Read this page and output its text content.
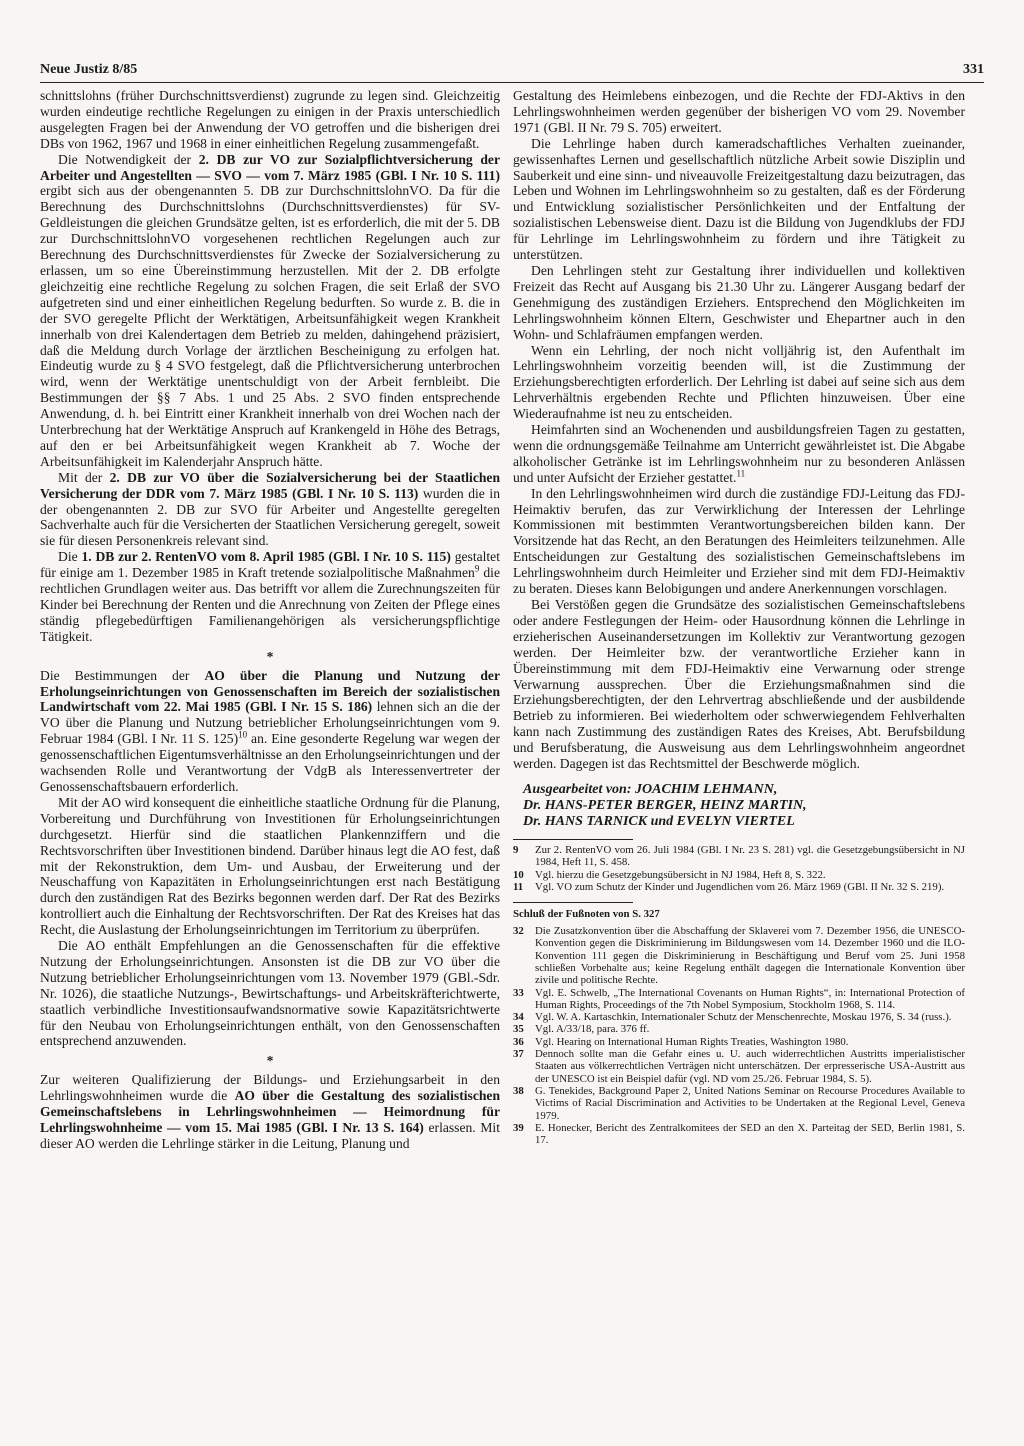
Neue Justiz 8/85	331

schnittslohns (früher Durchschnittsverdienst) zugrunde zu legen sind. Gleichzeitig wurden eindeutige rechtliche Regelungen zu einigen in der Praxis unterschiedlich ausgelegten Fragen bei der Anwendung der VO getroffen und die bisherigen drei DBs von 1962, 1967 und 1968 in einer einheitlichen Regelung zusammengefaßt.

Die Notwendigkeit der 2. DB zur VO zur Sozialpflichtversicherung der Arbeiter und Angestellten — SVO — vom 7. März 1985 (GBl. I Nr. 10 S. 111) ergibt sich aus der obengenannten 5. DB zur DurchschnittslohnVO. Da für die Berechnung des Durchschnittslohns (Durchschnittsverdienstes) für SV-Geldleistungen die gleichen Grundsätze gelten, ist es erforderlich, die mit der 5. DB zur DurchschnittslohnVO vorgesehenen rechtlichen Regelungen auch zur Berechnung des Durchschnittsverdienstes für Zwecke der Sozialversicherung zu erlassen, um so eine Übereinstimmung herzustellen. Mit der 2. DB erfolgte gleichzeitig eine rechtliche Regelung zu solchen Fragen, die seit Erlaß der SVO aufgetreten sind und einer einheitlichen Regelung bedurften. So wurde z. B. die in der SVO geregelte Pflicht der Werktätigen, Arbeitsunfähigkeit wegen Krankheit innerhalb von drei Kalendertagen dem Betrieb zu melden, dahingehend präzisiert, daß die Meldung durch Vorlage der ärztlichen Bescheinigung zu erfolgen hat. Eindeutig wurde zu § 4 SVO festgelegt, daß die Pflichtversicherung unterbrochen wird, wenn der Werktätige unentschuldigt von der Arbeit fernbleibt. Die Bestimmungen der §§ 7 Abs. 1 und 25 Abs. 2 SVO finden entsprechende Anwendung, d. h. bei Eintritt einer Krankheit innerhalb von drei Wochen nach der Unterbrechung hat der Werktätige Anspruch auf Krankengeld in Höhe des Betrags, auf den er bei Arbeitsunfähigkeit wegen Krankheit ab 7. Woche der Arbeitsunfähigkeit im Kalenderjahr Anspruch hätte.

Mit der 2. DB zur VO über die Sozialversicherung bei der Staatlichen Versicherung der DDR vom 7. März 1985 (GBl. I Nr. 10 S. 113) wurden die in der obengenannten 2. DB zur SVO für Arbeiter und Angestellte geregelten Sachverhalte auch für die Versicherten der Staatlichen Versicherung geregelt, soweit sie für diesen Personenkreis relevant sind.

Die 1. DB zur 2. RentenVO vom 8. April 1985 (GBl. I Nr. 10 S. 115) gestaltet für einige am 1. Dezember 1985 in Kraft tretende sozialpolitische Maßnahmen$^9$ die rechtlichen Grundlagen weiter aus. Das betrifft vor allem die Zurechnungszeiten für Kinder bei Berechnung der Renten und die Anrechnung von Zeiten der Pflege eines ständig pflegebedürftigen Familienangehörigen als versicherungspflichtige Tätigkeit.

*

Die Bestimmungen der AO über die Planung und Nutzung der Erholungseinrichtungen von Genossenschaften im Bereich der sozialistischen Landwirtschaft vom 22. Mai 1985 (GBl. I Nr. 15 S. 186) lehnen sich an die der VO über die Planung und Nutzung betrieblicher Erholungseinrichtungen vom 9. Februar 1984 (GBl. I Nr. 11 S. 125)$^{10}$ an. Eine gesonderte Regelung war wegen der genossenschaftlichen Eigentumsverhältnisse an den Erholungseinrichtungen und der wachsenden Rolle und Verantwortung der VdgB als Interessenvertreter der Genossenschaftsbauern erforderlich.

Mit der AO wird konsequent die einheitliche staatliche Ordnung für die Planung, Vorbereitung und Durchführung von Investitionen für Erholungseinrichtungen durchgesetzt. Hierfür sind die staatlichen Plankennziffern und die Rechtsvorschriften über Investitionen bindend. Darüber hinaus legt die AO fest, daß mit der Rekonstruktion, dem Um- und Ausbau, der Erweiterung und der Neuschaffung von Kapazitäten in Erholungseinrichtungen erst nach Bestätigung durch den zuständigen Rat des Bezirks begonnen werden darf. Der Rat des Bezirks kontrolliert auch die Einhaltung der Rechtsvorschriften. Der Rat des Kreises hat das Recht, die Auslastung der Erholungseinrichtungen im Territorium zu überprüfen.

Die AO enthält Empfehlungen an die Genossenschaften für die effektive Nutzung der Erholungseinrichtungen. Ansonsten ist die DB zur VO über die Nutzung betrieblicher Erholungseinrichtungen vom 13. November 1979 (GBl.-Sdr. Nr. 1026), die staatliche Nutzungs-, Bewirtschaftungs- und Arbeitskräfterichtwerte, staatlich verbindliche Investitionsaufwandsnormative sowie Kapazitätsrichtwerte für den Neubau von Erholungseinrichtungen enthält, von den Genossenschaften entsprechend anzuwenden.

*

Zur weiteren Qualifizierung der Bildungs- und Erziehungsarbeit in den Lehrlingswohnheimen wurde die AO über die Gestaltung des sozialistischen Gemeinschaftslebens in Lehrlingswohnheimen — Heimordnung für Lehrlingswohnheime — vom 15. Mai 1985 (GBl. I Nr. 13 S. 164) erlassen. Mit dieser AO werden die Lehrlinge stärker in die Leitung, Planung und

Gestaltung des Heimlebens einbezogen, und die Rechte der FDJ-Aktivs in den Lehrlingswohnheimen werden gegenüber der bisherigen VO vom 29. November 1971 (GBl. II Nr. 79 S. 705) erweitert.

Die Lehrlinge haben durch kameradschaftliches Verhalten zueinander, gewissenhaftes Lernen und gesellschaftlich nützliche Arbeit sowie Disziplin und Sauberkeit und eine sinn- und niveauvolle Freizeitgestaltung dazu beizutragen, das Leben und Wohnen im Lehrlingswohnheim so zu gestalten, daß es der Förderung und Entwicklung sozialistischer Persönlichkeiten und der Entfaltung der sozialistischen Lebensweise dient. Dazu ist die Bildung von Jugendklubs der FDJ für Lehrlinge im Lehrlingswohnheim zu fördern und ihre Tätigkeit zu unterstützen.

Den Lehrlingen steht zur Gestaltung ihrer individuellen und kollektiven Freizeit das Recht auf Ausgang bis 21.30 Uhr zu. Längerer Ausgang bedarf der Genehmigung des zuständigen Erziehers. Entsprechend den Möglichkeiten im Lehrlingswohnheim können Eltern, Geschwister und Ehepartner auch in den Wohn- und Schlafräumen empfangen werden.

Wenn ein Lehrling, der noch nicht volljährig ist, den Aufenthalt im Lehrlingswohnheim vorzeitig beenden will, ist die Zustimmung der Erziehungsberechtigten erforderlich. Der Lehrling ist dabei auf seine sich aus dem Lehrverhältnis ergebenden Rechte und Pflichten hinzuweisen. Über eine Wiederaufnahme ist neu zu entscheiden.

Heimfahrten sind an Wochenenden und ausbildungsfreien Tagen zu gestatten, wenn die ordnungsgemäße Teilnahme am Unterricht gewährleistet ist. Die Abgabe alkoholischer Getränke ist im Lehrlingswohnheim nur zu besonderen Anlässen und unter Aufsicht der Erzieher gestattet.$^{11}$

In den Lehrlingswohnheimen wird durch die zuständige FDJ-Leitung das FDJ-Heimaktiv berufen, das zur Verwirklichung der Interessen der Lehrlinge Kommissionen mit bestimmten Verantwortungsbereichen bilden kann. Der Vorsitzende hat das Recht, an den Beratungen des Heimleiters teilzunehmen. Alle Entscheidungen zur Gestaltung des sozialistischen Gemeinschaftslebens im Lehrlingswohnheim durch Heimleiter und Erzieher sind mit dem FDJ-Heimaktiv zu beraten. Dieses kann Belobigungen und andere Anerkennungen vorschlagen.

Bei Verstößen gegen die Grundsätze des sozialistischen Gemeinschaftslebens oder andere Festlegungen der Heim- oder Hausordnung können die Lehrlinge in erzieherischen Auseinandersetzungen im Kollektiv zur Verantwortung gezogen werden. Der Heimleiter bzw. der verantwortliche Erzieher kann in Übereinstimmung mit dem FDJ-Heimaktiv eine Verwarnung oder strenge Verwarnung aussprechen. Über die Erziehungsmaßnahmen sind die Erziehungsberechtigten, der den Lehrvertrag abschließende und der ausbildende Betrieb zu informieren. Bei wiederholtem oder schwerwiegendem Fehlverhalten kann nach Zustimmung des zuständigen Rates des Kreises, Abt. Berufsbildung und Berufsberatung, die Ausweisung aus dem Lehrlingswohnheim angeordnet werden. Dagegen ist das Rechtsmittel der Beschwerde möglich.

Ausgearbeitet von: JOACHIM LEHMANN,
Dr. HANS-PETER BERGER, HEINZ MARTIN,
Dr. HANS TARNICK und EVELYN VIERTEL
9	Zur 2. RentenVO vom 26. Juli 1984 (GBl. I Nr. 23 S. 281) vgl. die Gesetzgebungsübersicht in NJ 1984, Heft 11, S. 458.
10	Vgl. hierzu die Gesetzgebungsübersicht in NJ 1984, Heft 8, S. 322.
11	Vgl. VO zum Schutz der Kinder und Jugendlichen vom 26. März 1969 (GBl. II Nr. 32 S. 219).
Schluß der Fußnoten von S. 327
32	Die Zusatzkonvention über die Abschaffung der Sklaverei vom 7. Dezember 1956, die UNESCO-Konvention gegen die Diskriminierung im Bildungswesen vom 14. Dezember 1960 und die ILO-Konvention 111 gegen die Diskriminierung in Beschäftigung und Beruf vom 25. Juni 1958 schließen Vorbehalte aus; keine Regelung enthält dagegen die Internationale Konvention über zivile und politische Rechte.
33	Vgl. E. Schwelb, „The International Covenants on Human Rights“, in: International Protection of Human Rights, Proceedings of the 7th Nobel Symposium, Stockholm 1968, S. 114.
34	Vgl. W. A. Kartaschkin, Internationaler Schutz der Menschenrechte, Moskau 1976, S. 34 (russ.).
35	Vgl. A/33/18, para. 376 ff.
36	Vgl. Hearing on International Human Rights Treaties, Washington 1980.
37	Dennoch sollte man die Gefahr eines u. U. auch widerrechtlichen Austritts imperialistischer Staaten aus völkerrechtlichen Verträgen nicht unterschätzen. Der erpresserische USA-Austritt aus der UNESCO ist ein Beispiel dafür (vgl. ND vom 25./26. Februar 1984, S. 5).
38	G. Tenekides, Background Paper 2, United Nations Seminar on Recourse Procedures Available to Victims of Racial Discrimination and Activities to be Undertaken at the Regional Level, Geneva 1979.
39	E. Honecker, Bericht des Zentralkomitees der SED an den X. Parteitag der SED, Berlin 1981, S. 17.
